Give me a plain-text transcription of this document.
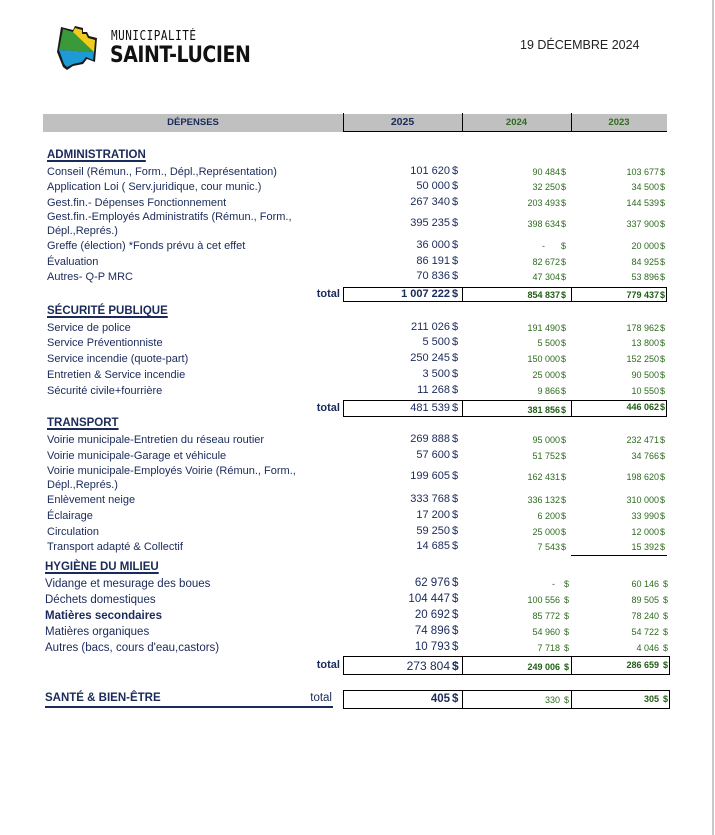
MUNICIPALITÉ
SAINT-LUCIEN	19 DÉCEMBRE 2024
DÉPENSES	2025	2024	2023
ADMINISTRATION
Conseil (Rémun., Form., Dépl.,Représentation)	101 620 $	90 484 $	103 677 $
Application Loi ( Serv.juridique, cour munic.)	50 000 $	32 250 $	34 500 $
Gest.fin.- Dépenses Fonctionnement	267 340 $	203 493 $	144 539 $
Gest.fin.-Employés Administratifs (Rémun., Form., Dépl.,Représ.)
395 235 $	398 634 $	337 900 $
Greffe (élection) *Fonds prévu à cet effet	36 000 $	- $	20 000 $
Évaluation	86 191 $	82 672 $	84 925 $
Autres- Q-P MRC	70 836 $	47 304 $	53 896 $
total	1 007 222 $	854 837 $	779 437 $
SÉCURITÉ PUBLIQUE
Service de police	211 026 $	191 490 $	178 962 $
Service Préventionniste	5 500 $	5 500 $	13 800 $
Service incendie (quote-part)	250 245 $	150 000 $	152 250 $
Entretien & Service incendie	3 500 $	25 000 $	90 500 $
Sécurité civile+fourrière	11 268 $	9 866 $	10 550 $
total	481 539 $	381 856 $	446 062 $
TRANSPORT
Voirie municipale-Entretien du réseau routier	269 888 $	95 000 $	232 471 $
Voirie municipale-Garage et véhicule	57 600 $	51 752 $	34 766 $
Voirie municipale-Employés Voirie (Rémun., Form., Dépl.,Représ.)
199 605 $	162 431 $	198 620 $
Enlèvement neige	333 768 $	336 132 $	310 000 $
Éclairage	17 200 $	6 200 $	33 990 $
Circulation	59 250 $	25 000 $	12 000 $
Transport adapté & Collectif	14 685 $	7 543 $	15 392 $
HYGIÈNE DU MILIEU
Vidange et mesurage des boues	62 976 $	- $	60 146 $
Déchets domestiques	104 447 $	100 556 $	89 505 $
Matières secondaires	20 692 $	85 772 $	78 240 $
Matières organiques	74 896 $	54 960 $	54 722 $
Autres (bacs, cours d'eau,castors)	10 793 $	7 718 $	4 046 $
total	273 804 $	249 006 $	286 659 $
SANTÉ & BIEN-ÊTRE	total	405 $	330 $	305 $
